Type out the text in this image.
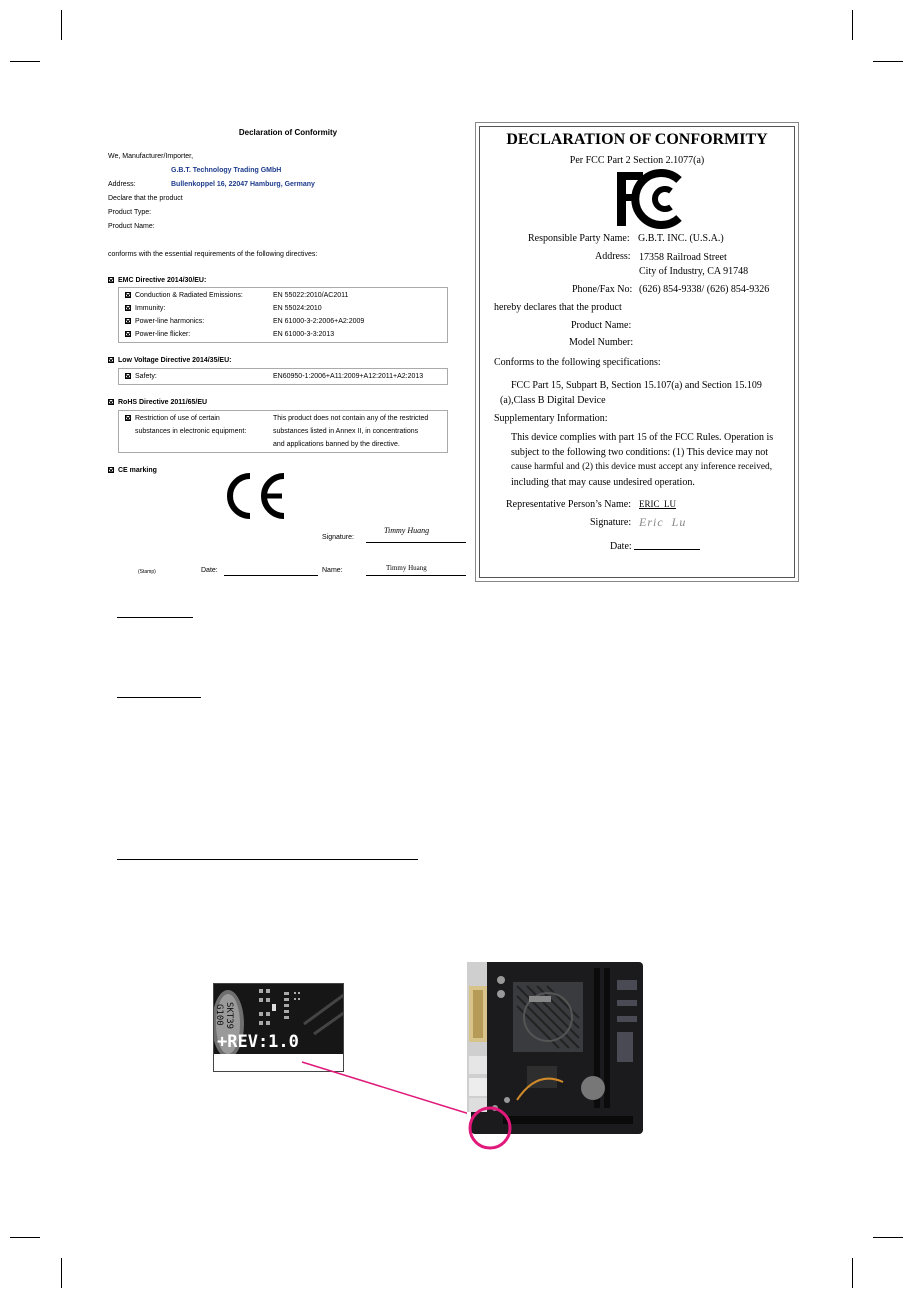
Declaration of Conformity
We, Manufacturer/Importer,
G.B.T. Technology Trading GMbH
Address:	Bullenkoppel 16, 22047 Hamburg, Germany
Declare that the product
Product Type:
Product Name:
conforms with the essential requirements of the following directives:
EMC Directive 2014/30/EU:
Conduction & Radiated Emissions:	EN 55022:2010/AC2011
Immunity:	EN 55024:2010
Power-line harmonics:	EN 61000-3-2:2006+A2:2009
Power-line flicker:	EN 61000-3-3:2013
Low Voltage Directive 2014/35/EU:
Safety:	EN60950-1:2006+A11:2009+A12:2011+A2:2013
RoHS Directive 2011/65/EU
Restriction of use of certain	This product does not contain any of the restricted
substances in electronic equipment:	substances listed in Annex II, in concentrations
and applications banned by the directive.
CE marking
Signature:
Timmy Huang
(Stamp)	Date:	Name:	Timmy Huang
DECLARATION OF CONFORMITY
Per FCC Part 2 Section 2.1077(a)
Responsible Party Name: G.B.T. INC. (U.S.A.)
Address: 17358 Railroad Street
City of Industry, CA 91748
Phone/Fax No: (626) 854-9338/ (626) 854-9326
hereby declares that the product
Product Name:
Model Number:
Conforms to the following specifications:
FCC Part 15, Subpart B, Section 15.107(a) and Section 15.109
(a),Class B Digital Device
Supplementary Information:
This device complies with part 15 of the FCC Rules. Operation is
subject to the following two conditions: (1) This device may not
cause harmful and (2) this device must accept any inference received,
including that may cause undesired operation.
Representative Person’s Name: ERIC  LU
Signature: Eric  Lu
Date:
SKT39
G100
+REV:1.0
